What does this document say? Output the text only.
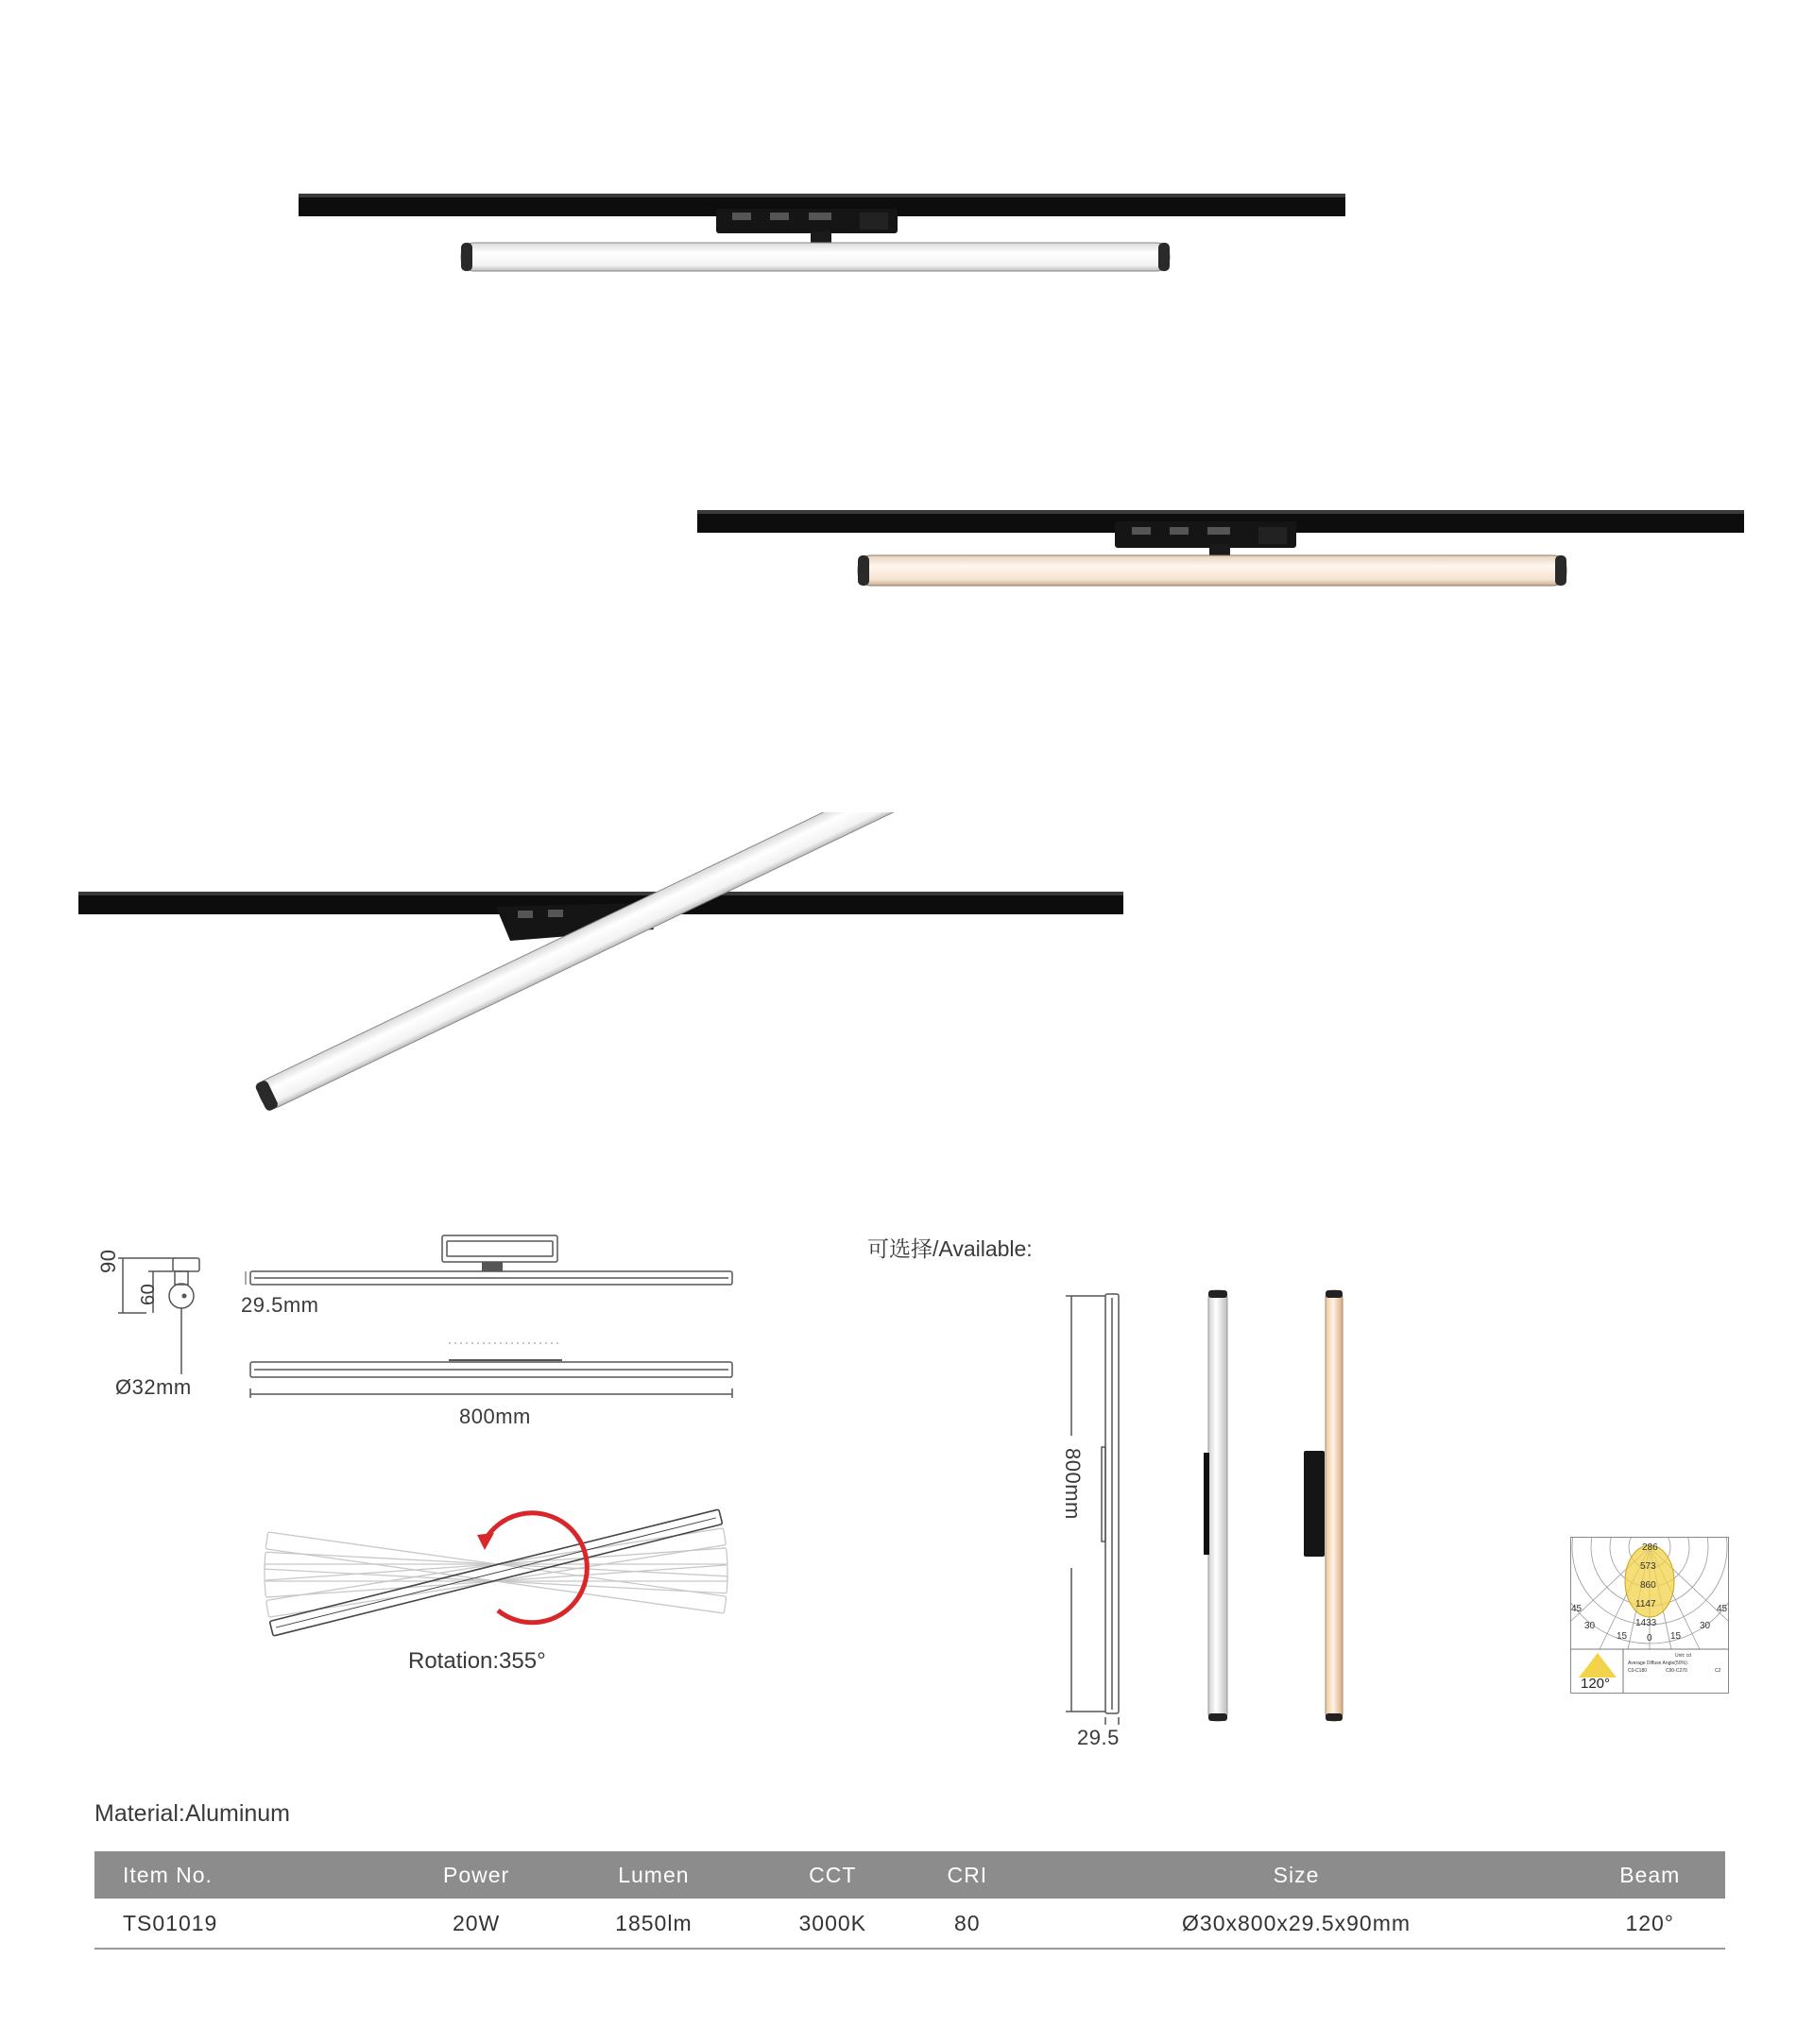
90
60
Ø32mm
29.5mm
800mm
Rotation:355°
可选择/Available:
800mm
29.5
286
573
860
1147
1433
45
30
15 0 15
30
45
Unit: cd
Average Diffuse Angle(50%):
C0-C180	C90-C270	C2
120°
Material:Aluminum
Item No.	Power	Lumen	CCT	CRI	Size	Beam
TS01019	20W	1850lm	3000K	80	Ø30x800x29.5x90mm	120°
